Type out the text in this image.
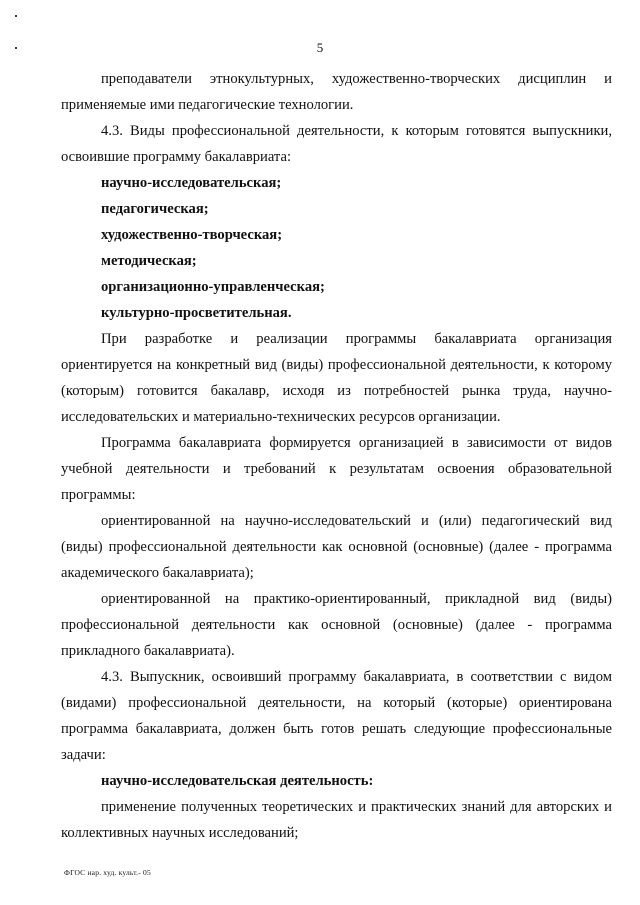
5

преподаватели этнокультурных, художественно-творческих дисциплин и применяемые ими педагогические технологии.

4.3. Виды профессиональной деятельности, к которым готовятся выпускники, освоившие программу бакалавриата:

научно-исследовательская;

педагогическая;

художественно-творческая;

методическая;

организационно-управленческая;

культурно-просветительная.

При разработке и реализации программы бакалавриата организация ориентируется на конкретный вид (виды) профессиональной деятельности, к которому (которым) готовится бакалавр, исходя из потребностей рынка труда, научно-исследовательских и материально-технических ресурсов организации.

Программа бакалавриата формируется организацией в зависимости от видов учебной деятельности и требований к результатам освоения образовательной программы:

ориентированной на научно-исследовательский и (или) педагогический вид (виды) профессиональной деятельности как основной (основные) (далее - программа академического бакалавриата);

ориентированной на практико-ориентированный, прикладной вид (виды) профессиональной деятельности как основной (основные) (далее - программа прикладного бакалавриата).

4.3. Выпускник, освоивший программу бакалавриата, в соответствии с видом (видами) профессиональной деятельности, на который (которые) ориентирована программа бакалавриата, должен быть готов решать следующие профессиональные задачи:

научно-исследовательская деятельность:

применение полученных теоретических и практических знаний для авторских и коллективных научных исследований;

ФГОС нар. худ. культ.- 05
